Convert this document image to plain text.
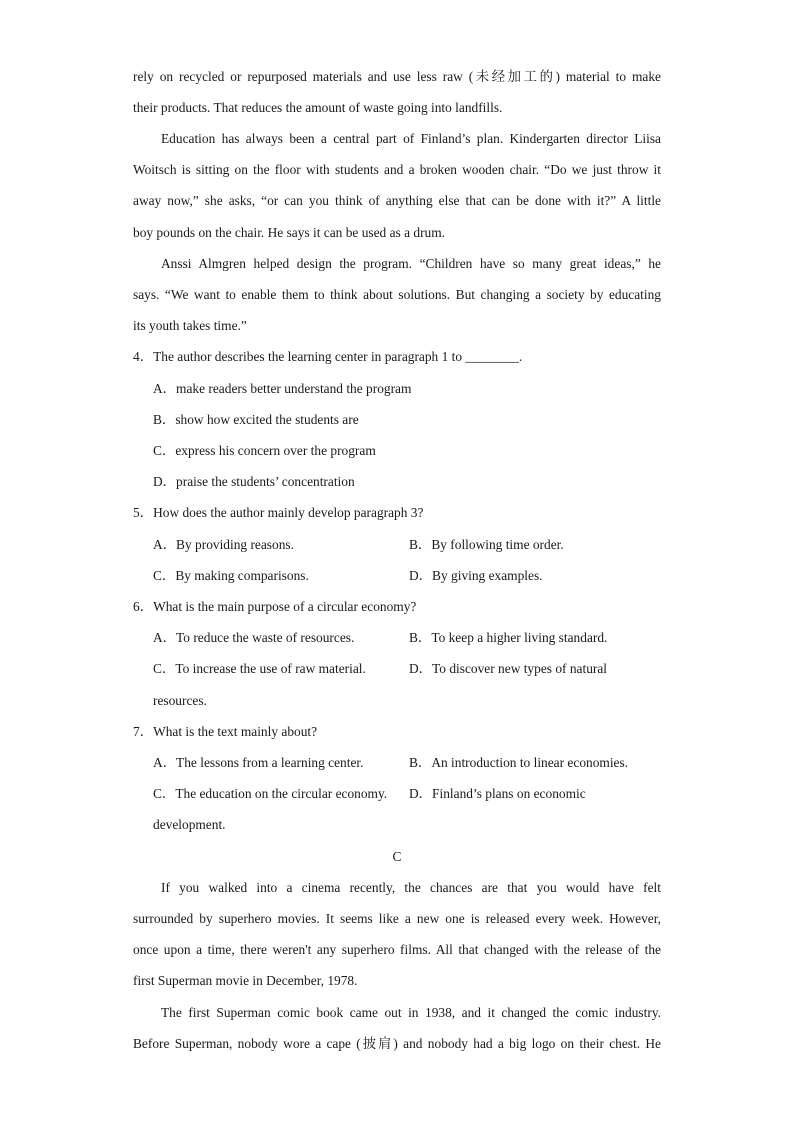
rely on recycled or repurposed materials and use less raw (未经加工的) material to make
their products. That reduces the amount of waste going into landfills.
Education has always been a central part of Finland’s plan. Kindergarten director Liisa
Woitsch is sitting on the floor with students and a broken wooden chair. “Do we just throw it
away now,” she asks, “or can you think of anything else that can be done with it?” A little
boy pounds on the chair. He says it can be used as a drum.
Anssi Almgren helped design the program. “Children have so many great ideas,” he
says. “We want to enable them to think about solutions. But changing a society by educating
its youth takes time.”
4．The author describes the learning center in paragraph 1 to ________.
A．make readers better understand the program
B．show how excited the students are
C．express his concern over the program
D．praise the students’ concentration
5．How does the author mainly develop paragraph 3?
A．By providing reasons.	B．By following time order.
C．By making comparisons.	D．By giving examples.
6．What is the main purpose of a circular economy?
A．To reduce the waste of resources.	B．To keep a higher living standard.
C．To increase the use of raw material.	D．To discover new types of natural
resources.
7．What is the text mainly about?
A．The lessons from a learning center.	B．An introduction to linear economies.
C．The education on the circular economy.	D．Finland’s plans on economic
development.
C
If you walked into a cinema recently, the chances are that you would have felt
surrounded by superhero movies. It seems like a new one is released every week. However,
once upon a time, there weren't any superhero films. All that changed with the release of the
first Superman movie in December, 1978.
The first Superman comic book came out in 1938, and it changed the comic industry.
Before Superman, nobody wore a cape (披肩) and nobody had a big logo on their chest. He
